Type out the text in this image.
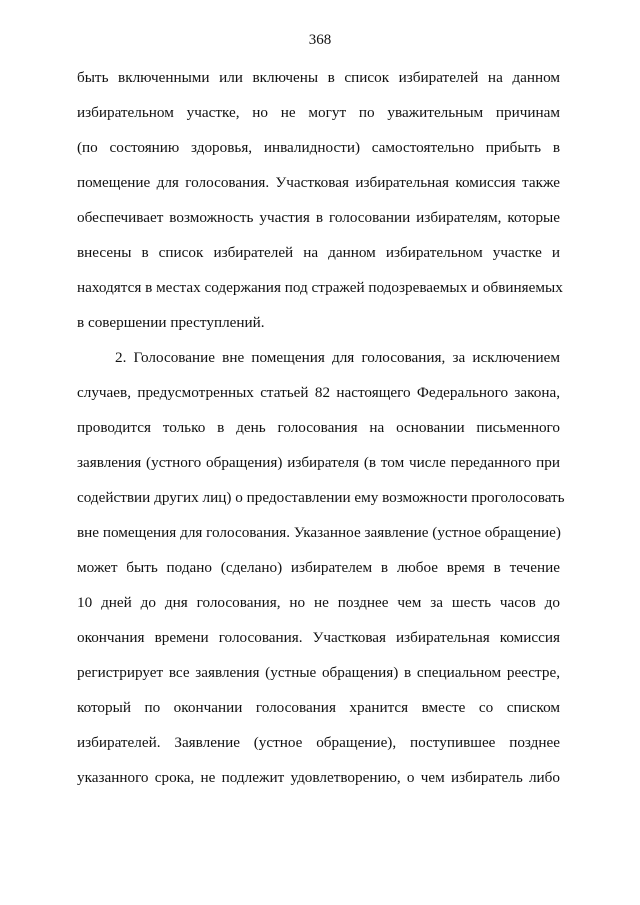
368
быть включенными или включены в список избирателей на данном
избирательном участке, но не могут по уважительным причинам
(по состоянию здоровья, инвалидности) самостоятельно прибыть в
помещение для голосования. Участковая избирательная комиссия также
обеспечивает возможность участия в голосовании избирателям, которые
внесены в список избирателей на данном избирательном участке и
находятся в местах содержания под стражей подозреваемых и обвиняемых
в совершении преступлений.
2. Голосование вне помещения для голосования, за исключением
случаев, предусмотренных статьей 82 настоящего Федерального закона,
проводится только в день голосования на основании письменного
заявления (устного обращения) избирателя (в том числе переданного при
содействии других лиц) о предоставлении ему возможности проголосовать
вне помещения для голосования. Указанное заявление (устное обращение)
может быть подано (сделано) избирателем в любое время в течение
10 дней до дня голосования, но не позднее чем за шесть часов до
окончания времени голосования. Участковая избирательная комиссия
регистрирует все заявления (устные обращения) в специальном реестре,
который по окончании голосования хранится вместе со списком
избирателей. Заявление (устное обращение), поступившее позднее
указанного срока, не подлежит удовлетворению, о чем избиратель либо
